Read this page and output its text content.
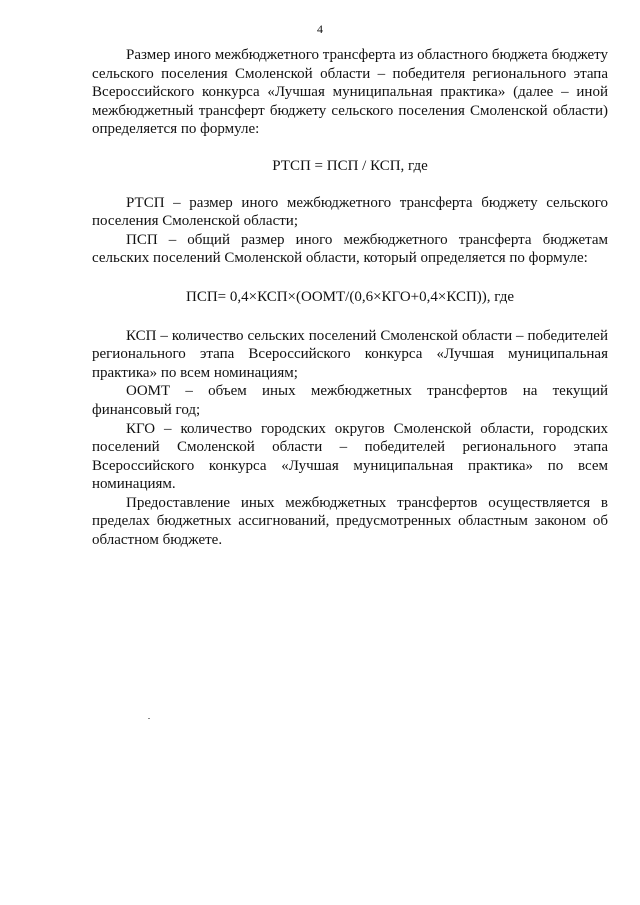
4

Размер иного межбюджетного трансферта из областного бюджета бюджету сельского поселения Смоленской области – победителя регионального этапа Всероссийского конкурса «Лучшая муниципальная практика» (далее – иной межбюджетный трансферт бюджету сельского поселения Смоленской области) определяется по формуле:

РТСП = ПСП / КСП, где

РТСП – размер иного межбюджетного трансферта бюджету сельского поселения Смоленской области;

ПСП – общий размер иного межбюджетного трансферта бюджетам сельских поселений Смоленской области, который определяется по формуле:

ПСП= 0,4×КСП×(ООМТ/(0,6×КГО+0,4×КСП)), где

КСП – количество сельских поселений Смоленской области – победителей регионального этапа Всероссийского конкурса «Лучшая муниципальная практика» по всем номинациям;

ООМТ – объем иных межбюджетных трансфертов на текущий финансовый год;

КГО – количество городских округов Смоленской области, городских поселений Смоленской области – победителей регионального этапа Всероссийского конкурса «Лучшая муниципальная практика» по всем номинациям.

Предоставление иных межбюджетных трансфертов осуществляется в пределах бюджетных ассигнований, предусмотренных областным законом об областном бюджете.
